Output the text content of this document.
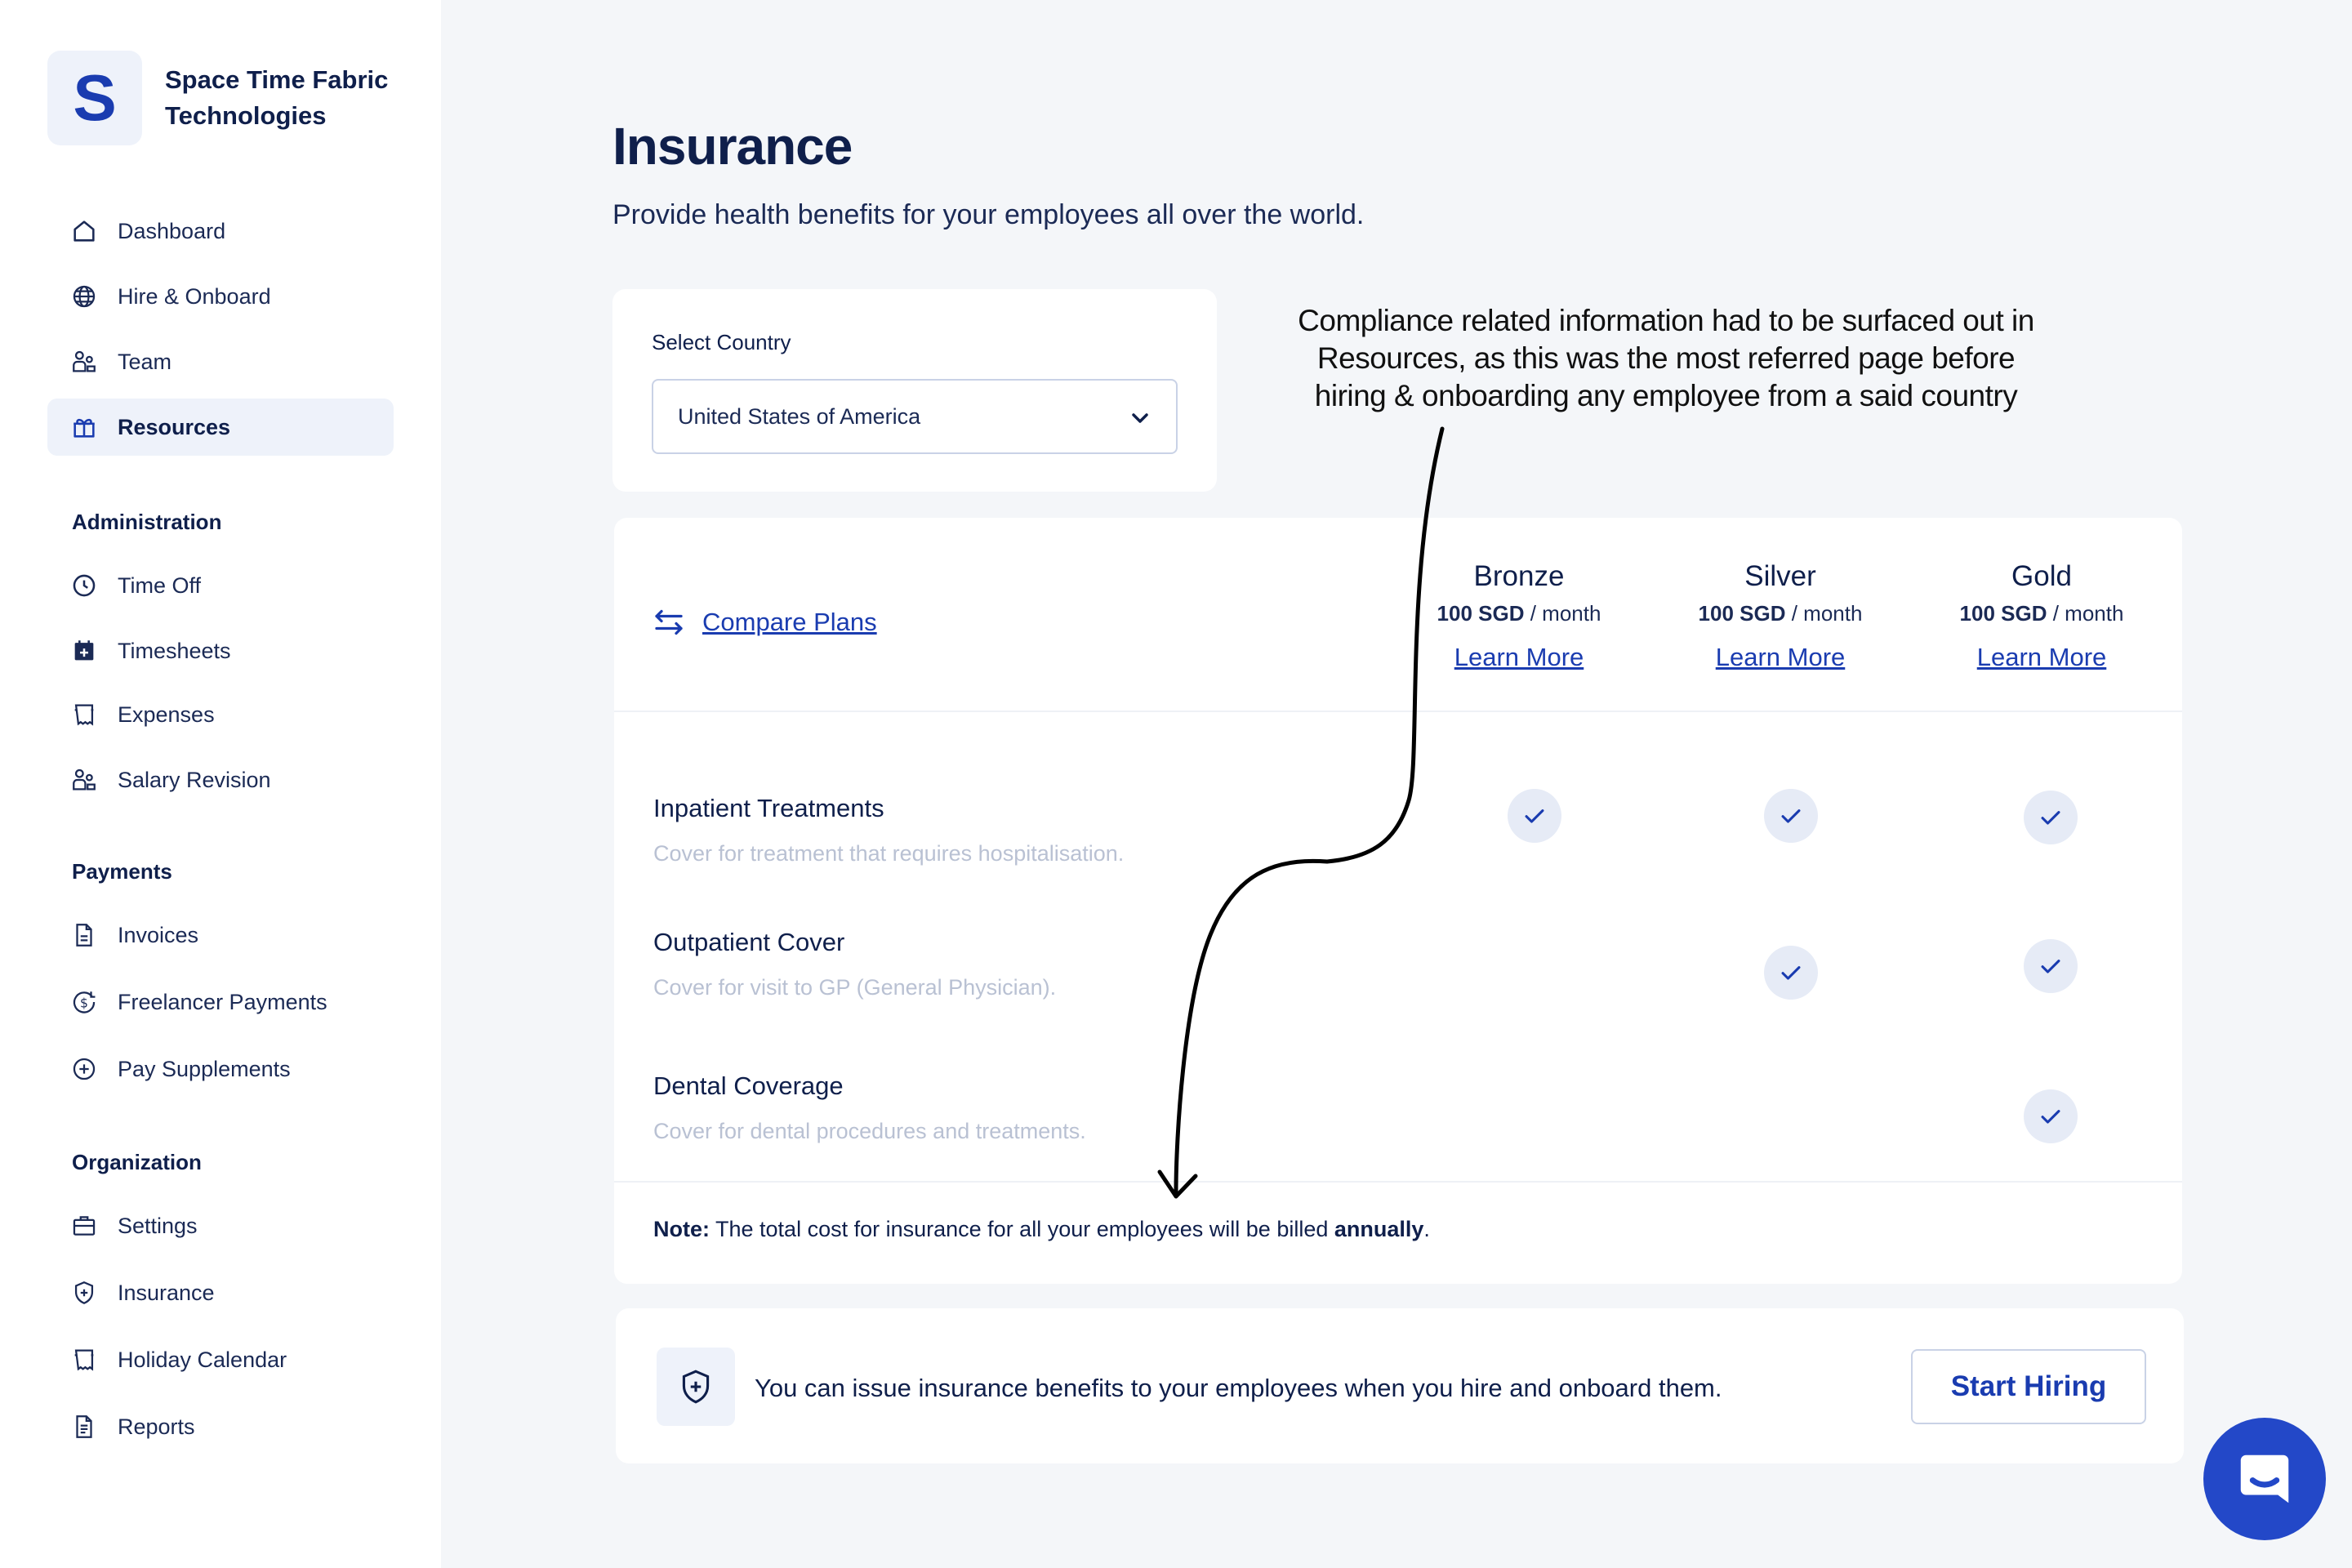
S	Space Time Fabric Technologies
Dashboard
Hire & Onboard
Team
Resources
Administration
Time Off
Timesheets
Expenses
Salary Revision
Payments
Invoices
$ Freelancer Payments
Pay Supplements
Organization
Settings
Insurance
Holiday Calendar
Reports
Insurance

Provide health benefits for your employees all over the world.

Select Country
United States of America
Compliance related information had to be surfaced out in Resources, as this was the most referred page before hiring & onboarding any employee from a said country
Compare Plans
Bronze
100 SGD / month
Learn More
Silver
100 SGD / month
Learn More
Gold
100 SGD / month
Learn More
Inpatient Treatments
Cover for treatment that requires hospitalisation.
Outpatient Cover
Cover for visit to GP (General Physician).
Dental Coverage
Cover for dental procedures and treatments.
Note: The total cost for insurance for all your employees will be billed annually.
You can issue insurance benefits to your employees when you hire and onboard them.	Start Hiring
